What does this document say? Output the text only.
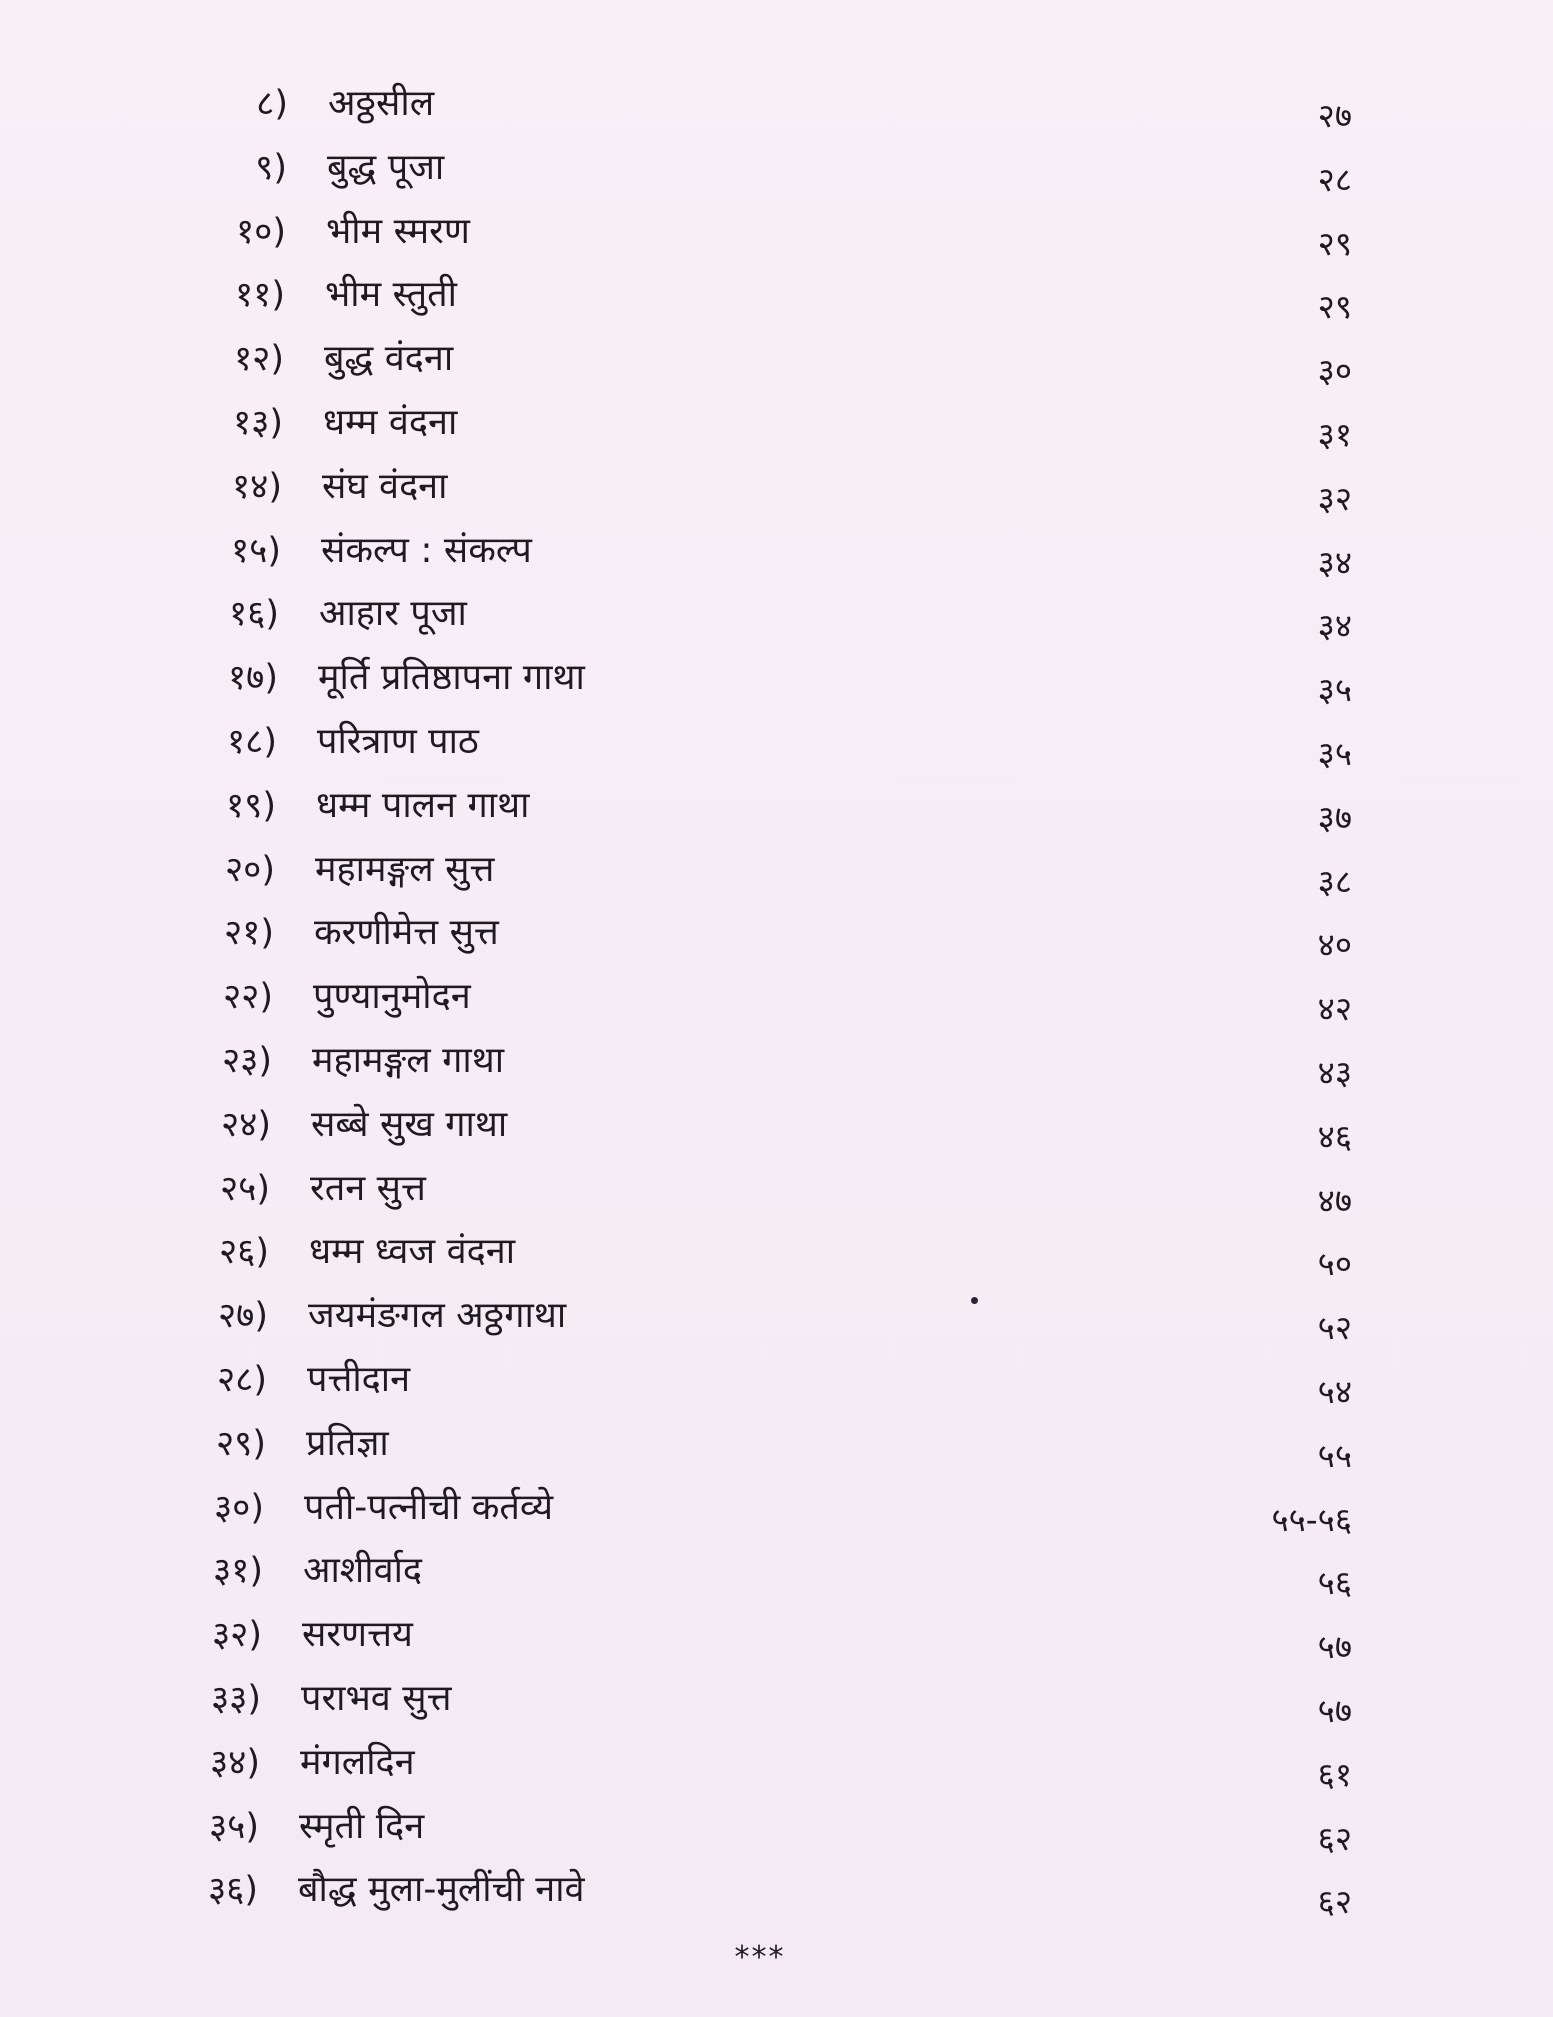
८) अठ्ठसील	२७
९) बुद्ध पूजा	२८
१०) भीम स्मरण	२९
११) भीम स्तुती	२९
१२) बुद्ध वंदना	३०
१३) धम्म वंदना	३१
१४) संघ वंदना	३२
१५) संकल्प : संकल्प	३४
१६) आहार पूजा	३४
१७) मूर्ति प्रतिष्ठापना गाथा	३५
१८) परित्राण पाठ	३५
१९) धम्म पालन गाथा	३७
२०) महामङ्गल सुत्त	३८
२१) करणीमेत्त सुत्त	४०
२२) पुण्यानुमोदन	४२
२३) महामङ्गल गाथा	४३
२४) सब्बे सुख गाथा	४६
२५) रतन सुत्त	४७
२६) धम्म ध्वज वंदना	५०
२७) जयमंङगल अठ्ठगाथा	५२
२८) पत्तीदान	५४
२९) प्रतिज्ञा	५५
३०) पती-पत्नीची कर्तव्ये	५५-५६
३१) आशीर्वाद	५६
३२) सरणत्तय	५७
३३) पराभव सुत्त	५७
३४) मंगलदिन	६१
३५) स्मृती दिन	६२
३६) बौद्ध मुला-मुलींची नावे	६२
***
